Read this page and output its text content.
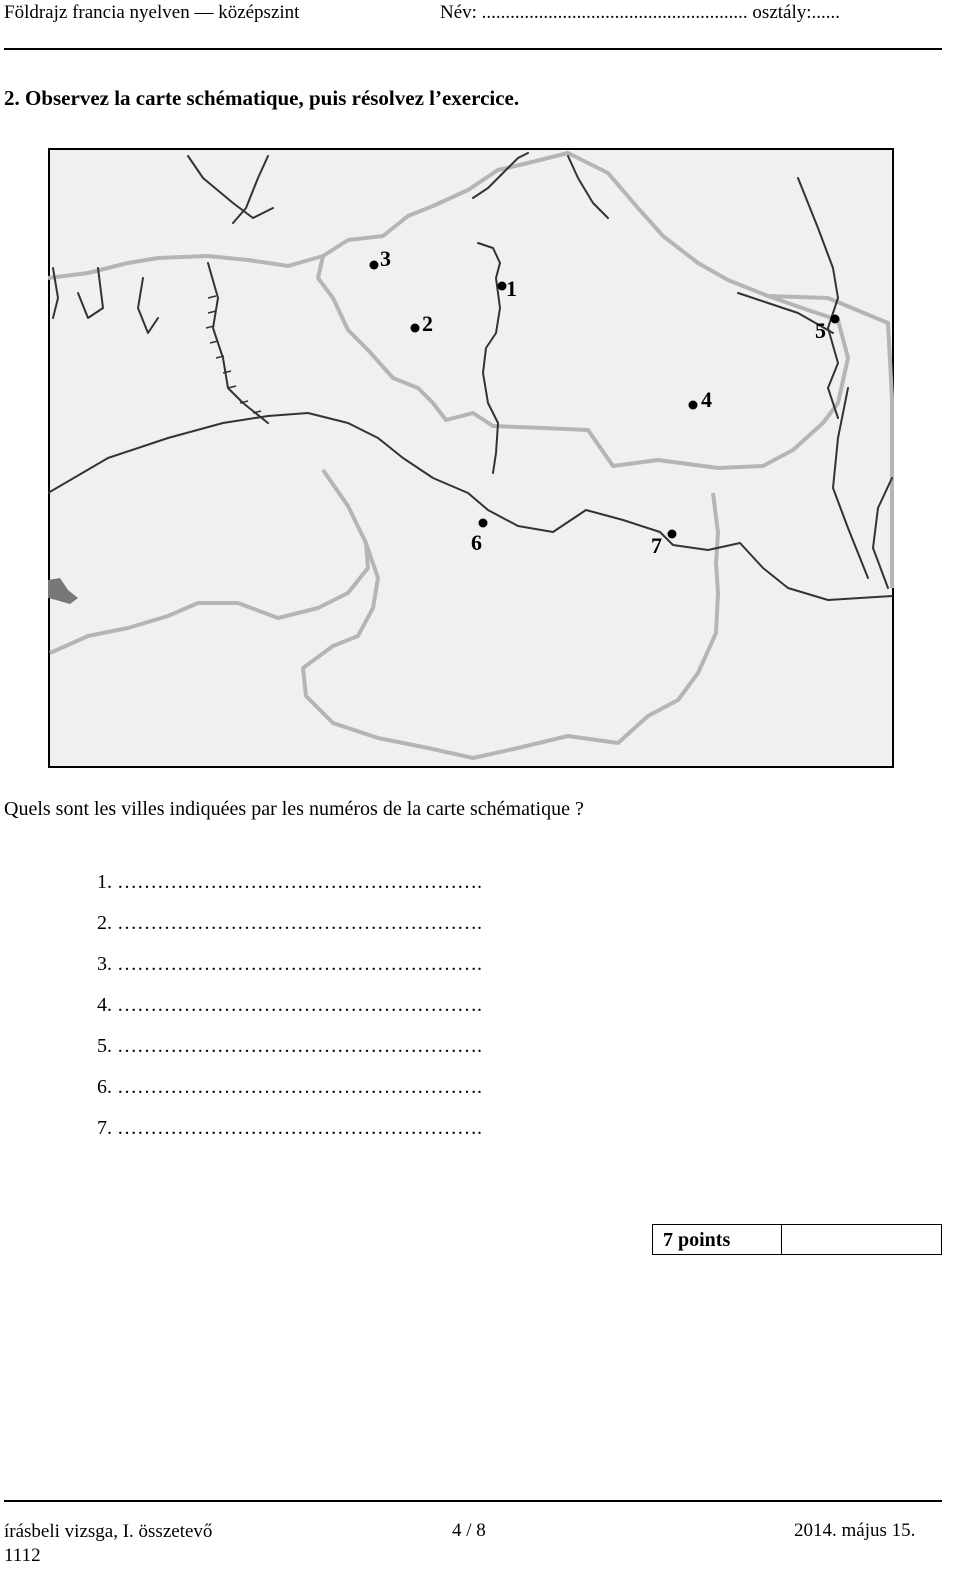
Földrajz francia nyelven — középszint	Név: ........................................................ osztály:......
2. Observez la carte schématique, puis résolvez l’exercice.
1
2
3
4
5
6	7
Quels sont les villes indiquées par les numéros de la carte schématique ?
1. ……………………………………………….
2. ……………………………………………….
3. ……………………………………………….
4. ……………………………………………….
5. ……………………………………………….
6. ……………………………………………….
7. ……………………………………………….
7 points
írásbeli vizsga, I. összetevő
1112
4 / 8	2014. május 15.
